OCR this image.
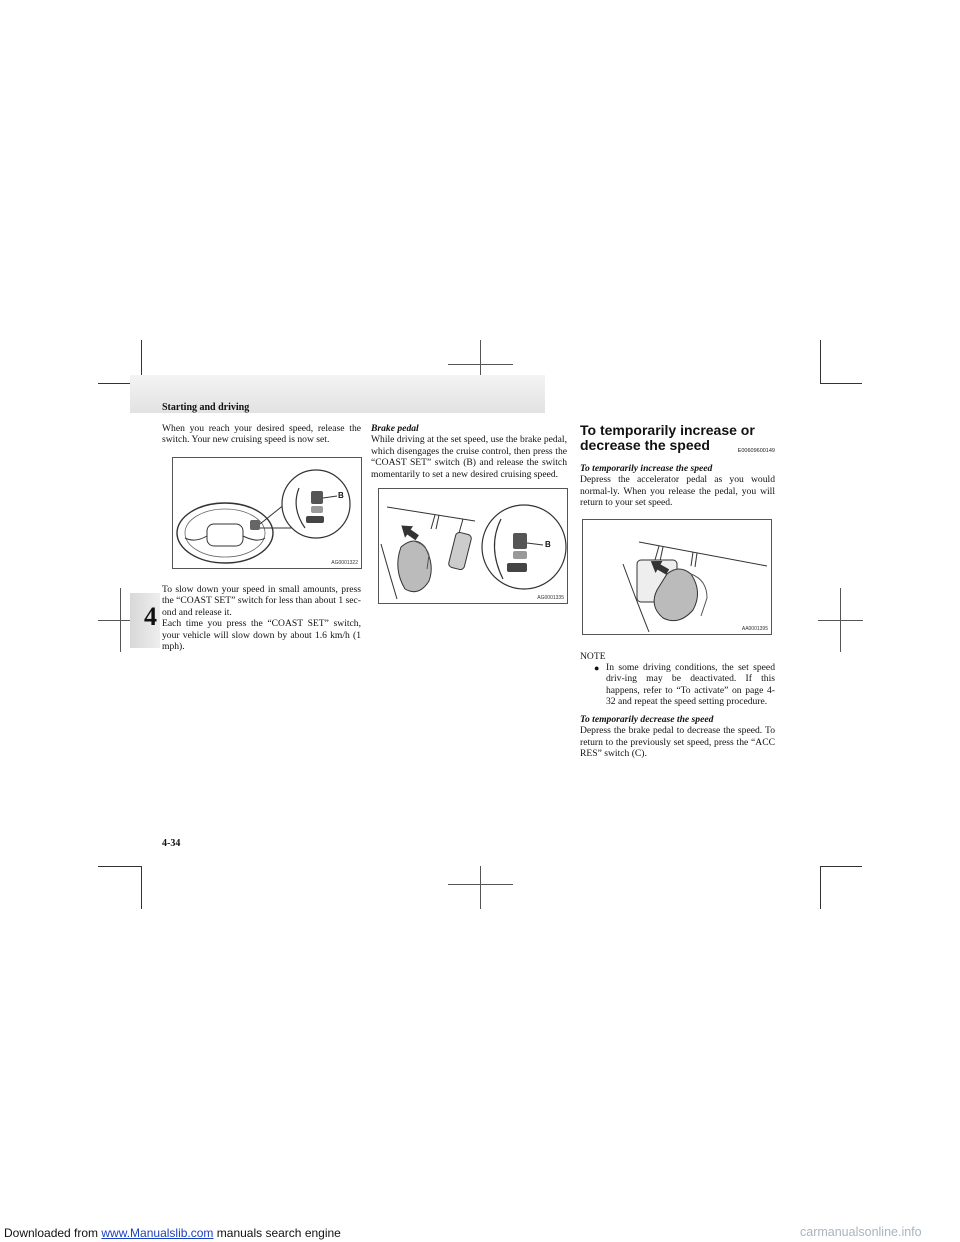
Starting and driving
4

When you reach your desired speed, release the switch. Your new cruising speed is now set.

B
AG0001322

To slow down your speed in small amounts, press the “COAST SET” switch for less than about 1 sec-ond and release it.

Each time you press the “COAST SET” switch, your vehicle will slow down by about 1.6 km/h (1 mph).

Brake pedal

While driving at the set speed, use the brake pedal, which disengages the cruise control, then press the “COAST SET” switch (B) and release the switch momentarily to set a new desired cruising speed.

B
AG0001335
To temporarily increase or decrease the speed	E00609600149

To temporarily increase the speed

Depress the accelerator pedal as you would normal-ly. When you release the pedal, you will return to your set speed.

AA0001395
NOTE
● In some driving conditions, the set speed driv-ing may be deactivated. If this happens, refer to “To activate” on page 4-32 and repeat the speed setting procedure.

To temporarily decrease the speed

Depress the brake pedal to decrease the speed. To return to the previously set speed, press the “ACC RES” switch (C).

4-34
Downloaded from www.Manualslib.com manuals search engine	carmanualsonline.info
